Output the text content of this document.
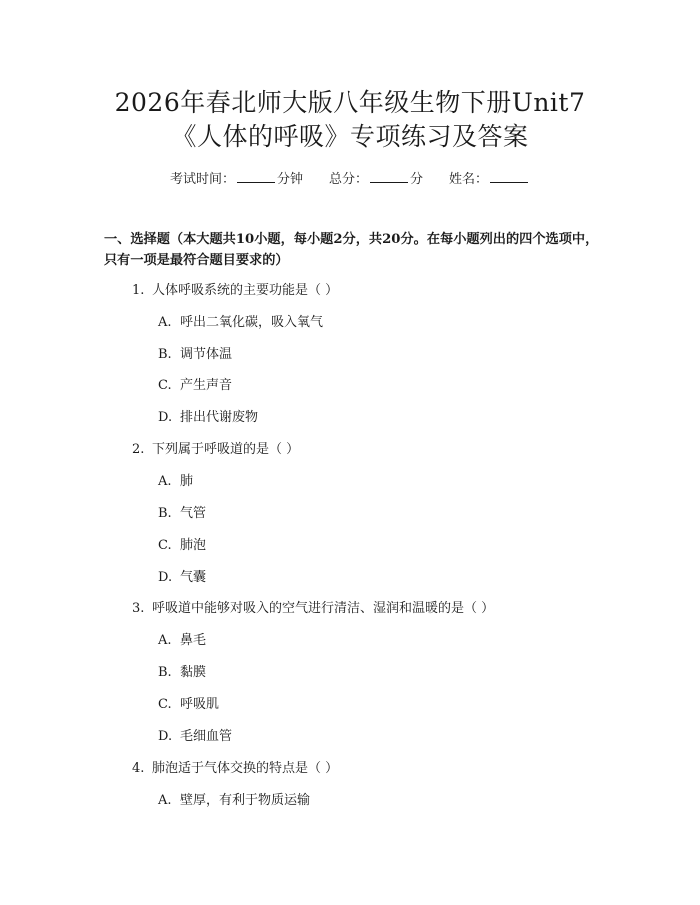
2026年春北师大版八年级生物下册Unit7
《人体的呼吸》专项练习及答案
考试时间：	分钟 总分：	分 姓名：
一、选择题（本大题共10小题，每小题2分，共20分。在每小题列出的四个选项中，只有一项是最符合题目要求的）
1. 人体呼吸系统的主要功能是（ ）
A. 呼出二氧化碳，吸入氧气
B. 调节体温
C. 产生声音
D. 排出代谢废物
2. 下列属于呼吸道的是（ ）
A. 肺
B. 气管
C. 肺泡
D. 气囊
3. 呼吸道中能够对吸入的空气进行清洁、湿润和温暖的是（ ）
A. 鼻毛
B. 黏膜
C. 呼吸肌
D. 毛细血管
4. 肺泡适于气体交换的特点是（ ）
A. 壁厚，有利于物质运输
